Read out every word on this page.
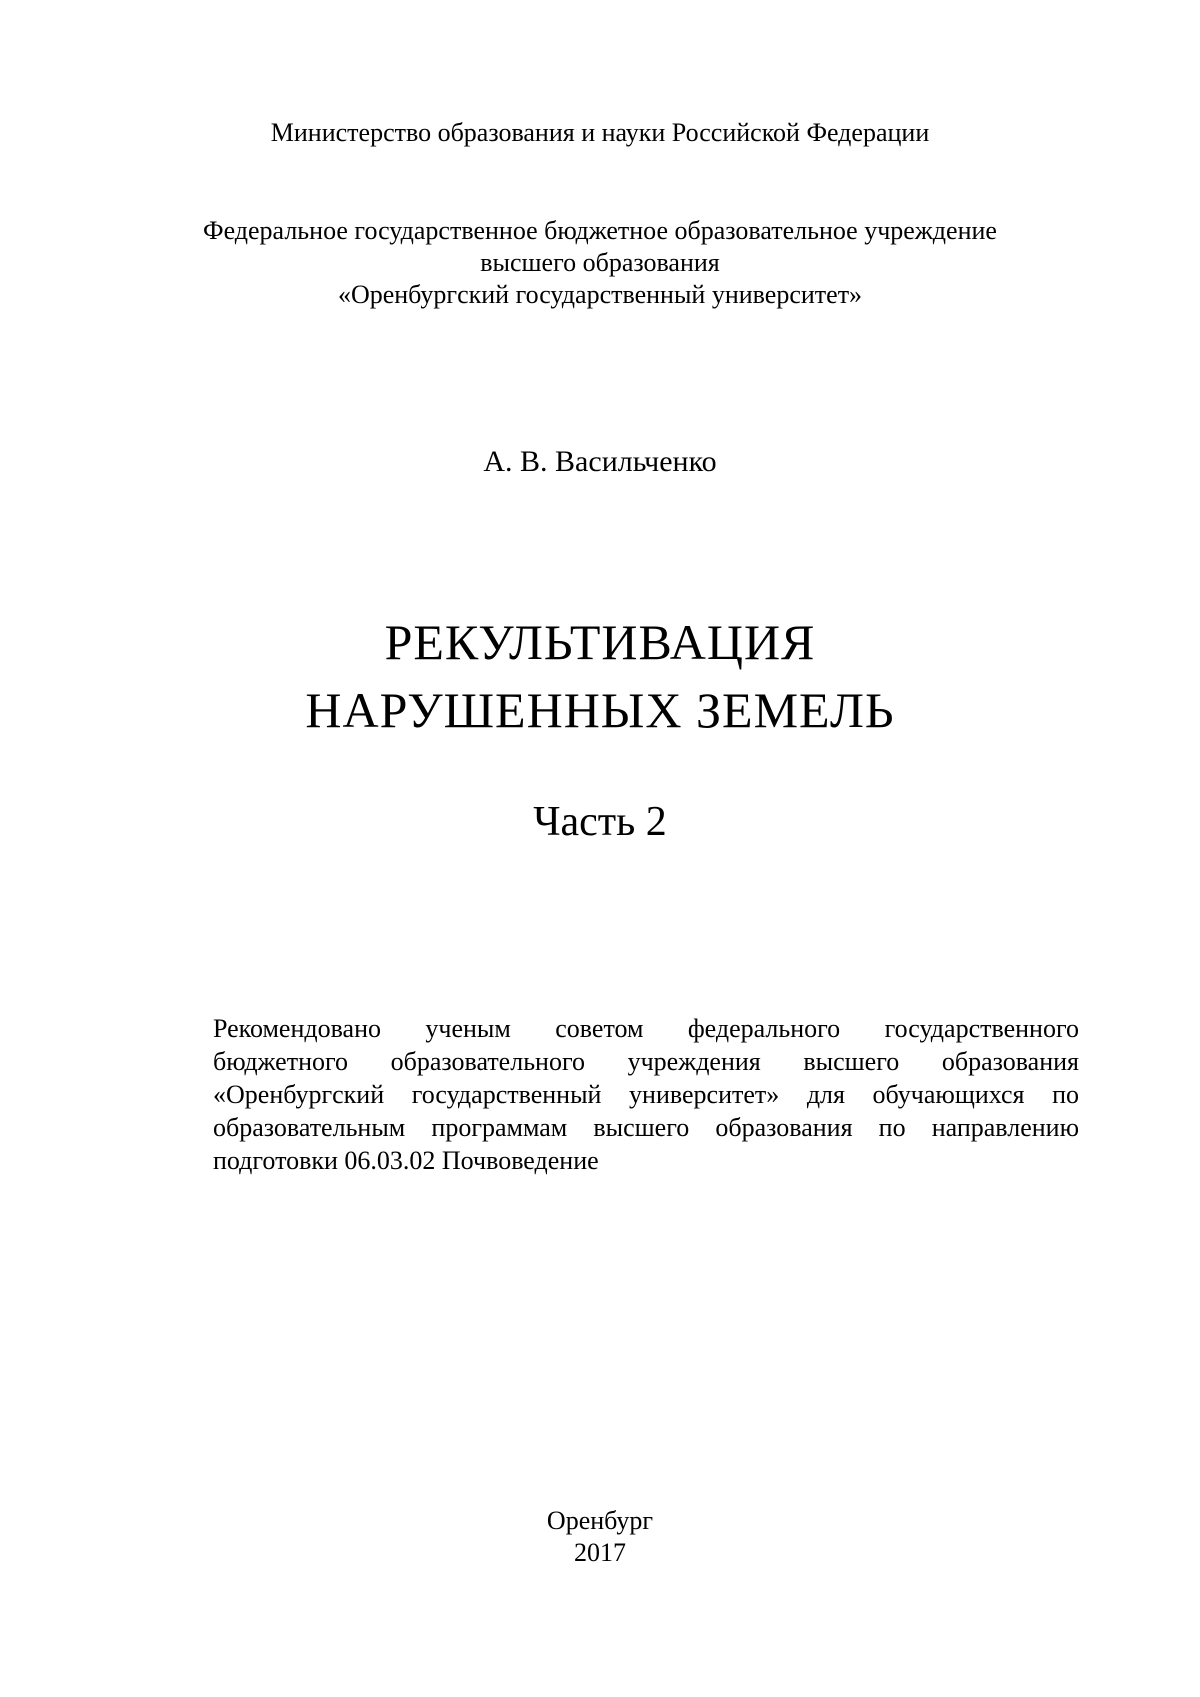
Министерство образования и науки Российской Федерации
Федеральное государственное бюджетное образовательное учреждение
высшего образования
«Оренбургский государственный университет»
А. В. Васильченко
РЕКУЛЬТИВАЦИЯ
НАРУШЕННЫХ ЗЕМЕЛЬ
Часть 2
Рекомендовано ученым советом федерального государственного
бюджетного образовательного учреждения высшего образования
«Оренбургский государственный университет» для обучающихся по
образовательным программам высшего образования по направлению
подготовки 06.03.02 Почвоведение
Оренбург
2017
